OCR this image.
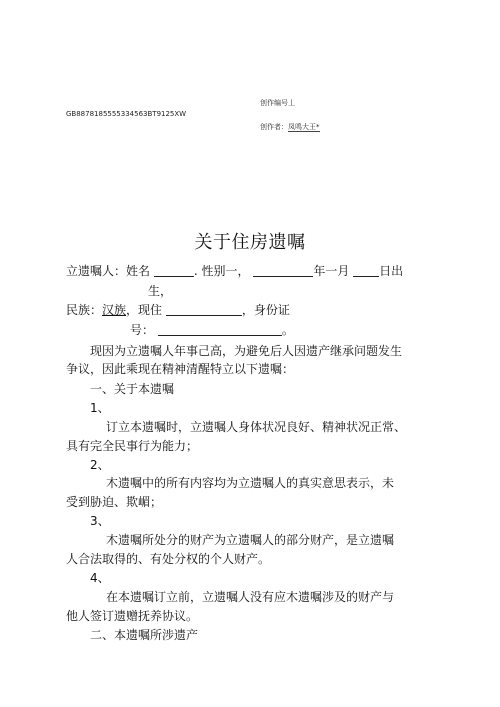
创作编号丄
GB8878185555334563BT9125XW
创作者：凤鸣大王*
关于住房遗嘱
立遗嘱人：姓名	. 性别一，	年一月 日出
生，
民族：汉族，现住	，身份证
号：	。
现因为立遗嘱人年事己高，为避免后人因遗产继承问题发生
争议，因此乘现在精神清醒特立以下遗嘱：
一、关于本遗嘱
1、
订立本遗嘱时，立遗嘱人身体状况良好、精神状况正常、
具有完全民事行为能力；
2、
木遗嘱中的所有内容均为立遗嘱人的真实意思表示，未
受到胁迫、欺嵋；
3、
木遗嘱所处分的财产为立遗嘱人的部分财产，是立遗嘱
人合法取得的、有处分权的个人财产。
4、
在本遗嘱订立前，立遗嘱人没有应木遗嘱涉及的财产与
他人签订遗赠抚养协议。
二、本遗嘱所涉遗产
